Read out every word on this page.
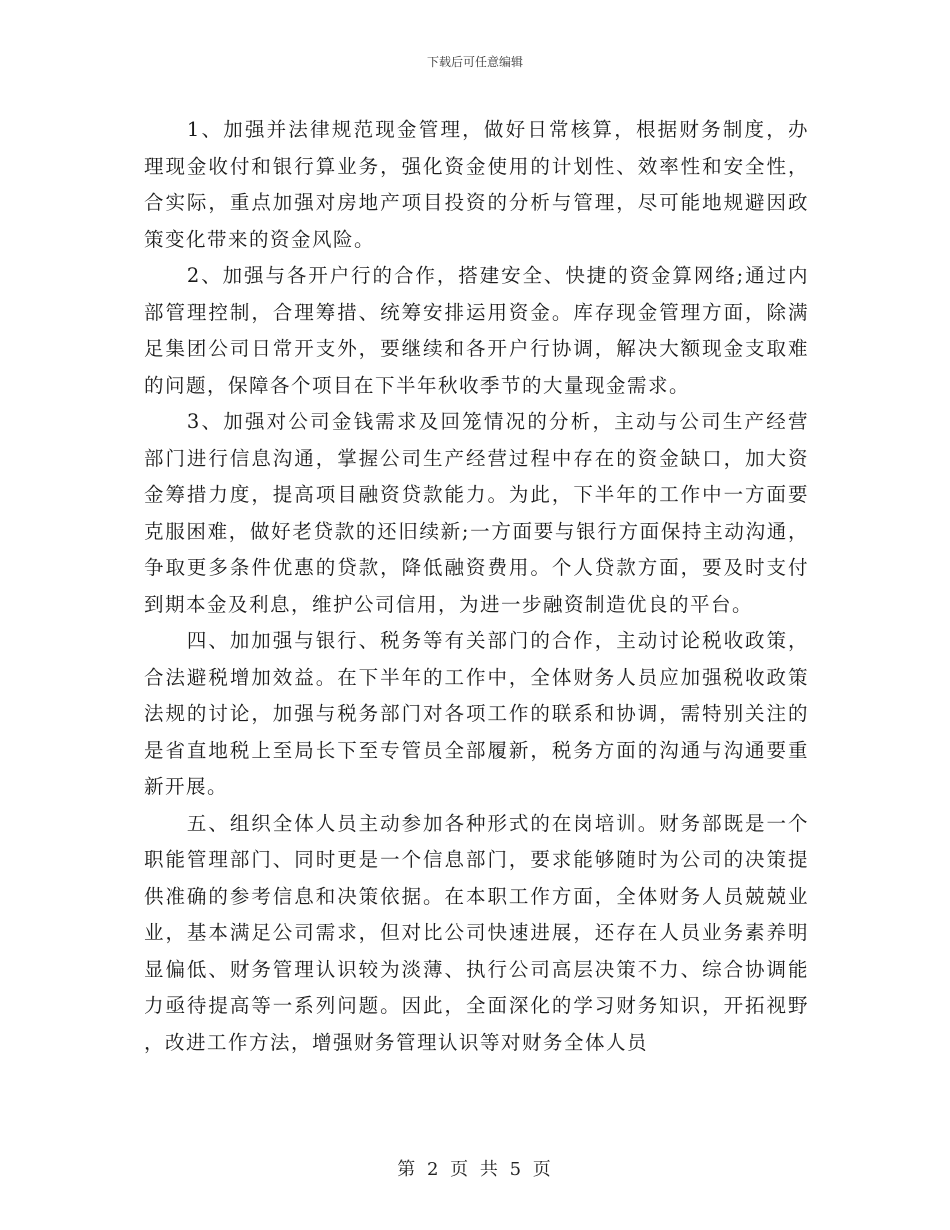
下载后可任意编辑

1、加强并法律规范现金管理，做好日常核算，根据财务制度，办理现金收付和银行算业务，强化资金使用的计划性、效率性和安全性，合实际，重点加强对房地产项目投资的分析与管理，尽可能地规避因政策变化带来的资金风险。

2、加强与各开户行的合作，搭建安全、快捷的资金算网络;通过内部管理控制，合理筹措、统筹安排运用资金。库存现金管理方面，除满足集团公司日常开支外，要继续和各开户行协调，解决大额现金支取难的问题，保障各个项目在下半年秋收季节的大量现金需求。

3、加强对公司金钱需求及回笼情况的分析，主动与公司生产经营部门进行信息沟通，掌握公司生产经营过程中存在的资金缺口，加大资金筹措力度，提高项目融资贷款能力。为此，下半年的工作中一方面要克服困难，做好老贷款的还旧续新;一方面要与银行方面保持主动沟通，争取更多条件优惠的贷款，降低融资费用。个人贷款方面，要及时支付到期本金及利息，维护公司信用，为进一步融资制造优良的平台。

四、加加强与银行、税务等有关部门的合作，主动讨论税收政策，合法避税增加效益。在下半年的工作中，全体财务人员应加强税收政策法规的讨论，加强与税务部门对各项工作的联系和协调，需特别关注的是省直地税上至局长下至专管员全部履新，税务方面的沟通与沟通要重新开展。

五、组织全体人员主动参加各种形式的在岗培训。财务部既是一个职能管理部门、同时更是一个信息部门，要求能够随时为公司的决策提供准确的参考信息和决策依据。在本职工作方面，全体财务人员兢兢业业，基本满足公司需求，但对比公司快速进展，还存在人员业务素养明显偏低、财务管理认识较为淡薄、执行公司高层决策不力、综合协调能力亟待提高等一系列问题。因此，全面深化的学习财务知识，开拓视野，改进工作方法，增强财务管理认识等对财务全体人员

第 2 页 共 5 页
